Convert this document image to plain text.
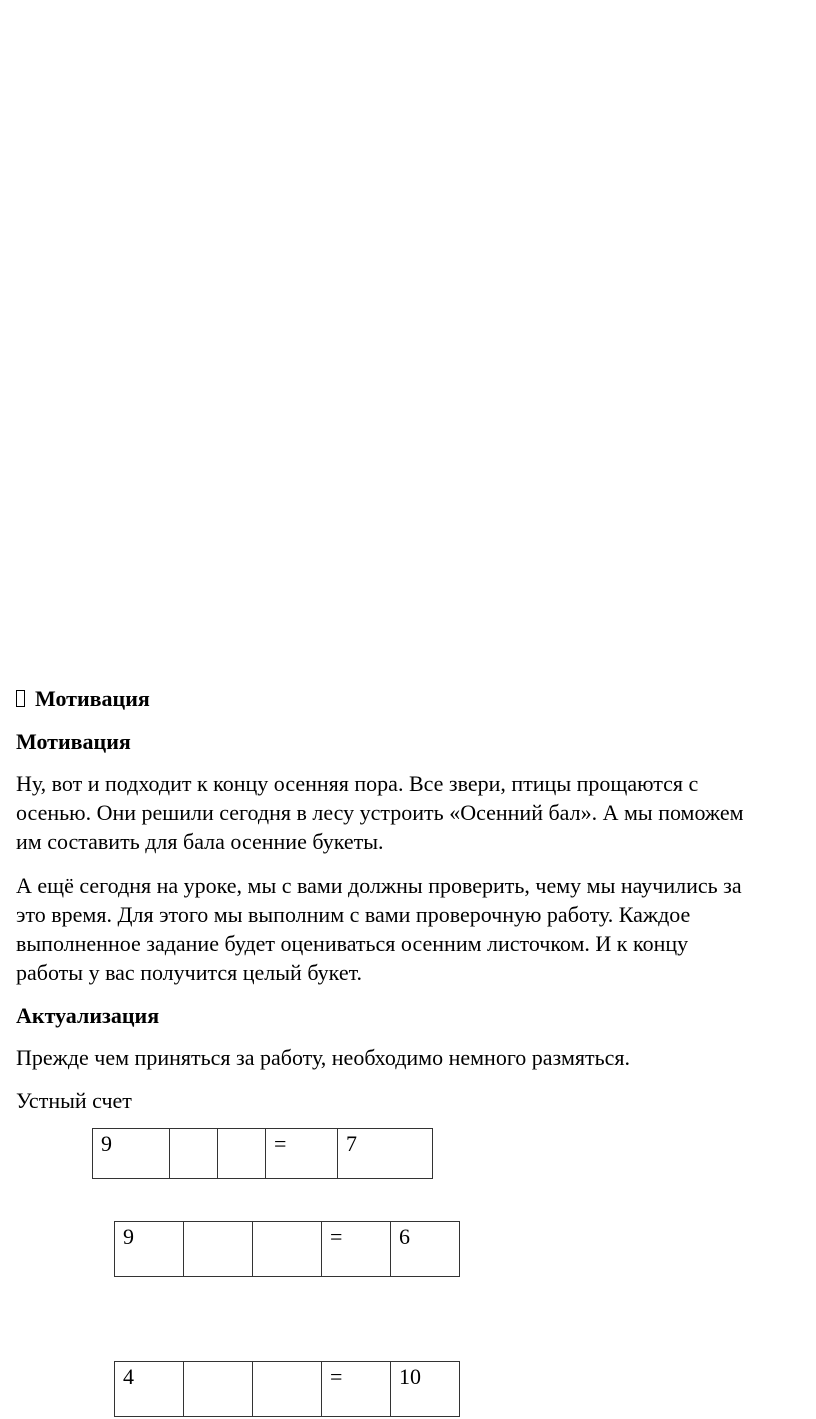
Мотивация
Мотивация
Ну, вот и подходит к концу осенняя пора. Все звери, птицы прощаются с
осенью. Они решили сегодня в лесу устроить «Осенний бал». А мы поможем
им составить для бала осенние букеты.
А ещё сегодня на уроке, мы с вами должны проверить, чему мы научились за
это время. Для этого мы выполним с вами проверочную работу. Каждое
выполненное задание будет оцениваться осенним листочком. И к концу
работы у вас получится целый букет.
Актуализация
Прежде чем приняться за работу, необходимо немного размяться.
Устный счет
9			=	7
9			=	6
4			=	10
